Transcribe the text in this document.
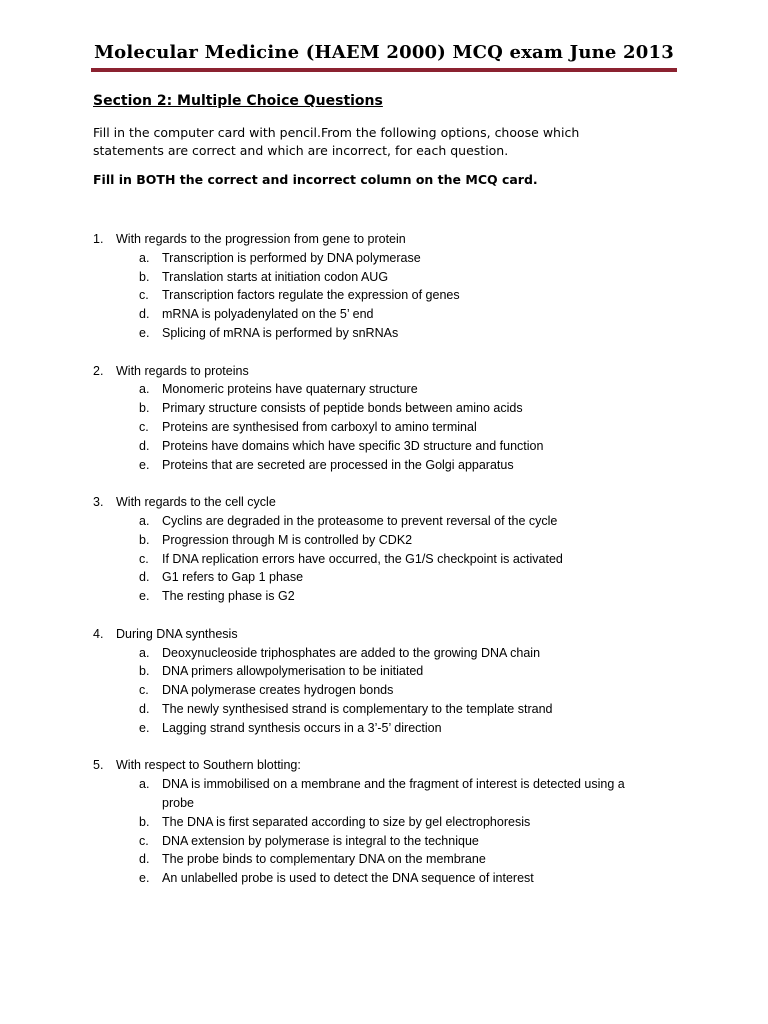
Molecular Medicine (HAEM 2000) MCQ exam June 2013
Section 2: Multiple Choice Questions

Fill in the computer card with pencil.From the following options, choose which statements are correct and which are incorrect, for each question.

Fill in BOTH the correct and incorrect column on the MCQ card.

1.	With regards to the progression from gene to protein
a.	Transcription is performed by DNA polymerase
b.	Translation starts at initiation codon AUG
c.	Transcription factors regulate the expression of genes
d.	mRNA is polyadenylated on the 5’ end
e.	Splicing of mRNA is performed by snRNAs
2.	With regards to proteins
a.	Monomeric proteins have quaternary structure
b.	Primary structure consists of peptide bonds between amino acids
c.	Proteins are synthesised from carboxyl to amino terminal
d.	Proteins have domains which have specific 3D structure and function
e.	Proteins that are secreted are processed in the Golgi apparatus
3.	With regards to the cell cycle
a.	Cyclins are degraded in the proteasome to prevent reversal of the cycle
b.	Progression through M is controlled by CDK2
c.	If DNA replication errors have occurred, the G1/S checkpoint is activated
d.	G1 refers to Gap 1 phase
e.	The resting phase is G2
4.	During DNA synthesis
a.	Deoxynucleoside triphosphates are added to the growing DNA chain
b.	DNA primers allowpolymerisation to be initiated
c.	DNA polymerase creates hydrogen bonds
d.	The newly synthesised strand is complementary to the template strand
e.	Lagging strand synthesis occurs in a 3’-5’ direction
5.	With respect to Southern blotting:
a.	DNA is immobilised on a membrane and the fragment of interest is detected using a probe
b.	The DNA is first separated according to size by gel electrophoresis
c.	DNA extension by polymerase is integral to the technique
d.	The probe binds to complementary DNA on the membrane
e.	An unlabelled probe is used to detect the DNA sequence of interest
